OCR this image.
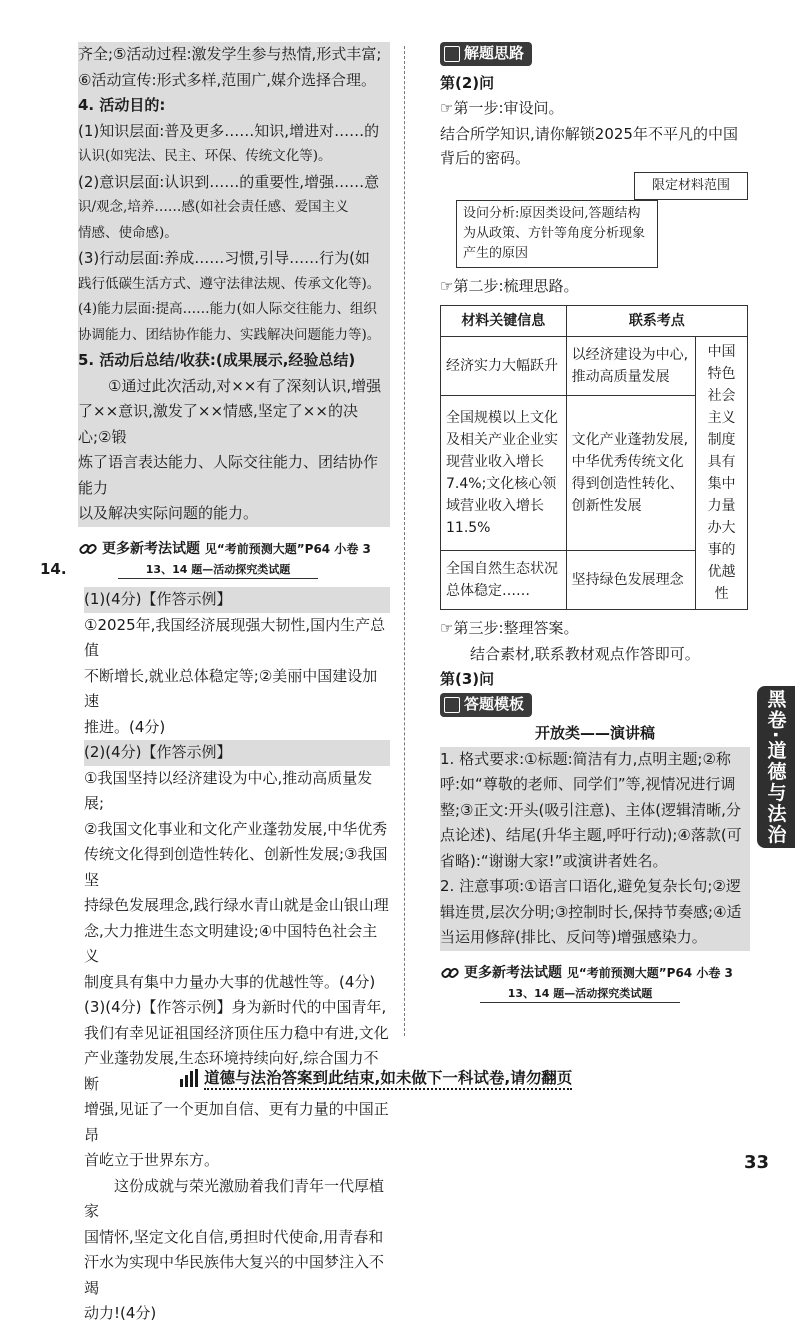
齐全;⑤活动过程:激发学生参与热情,形式丰富;

⑥活动宣传:形式多样,范围广,媒介选择合理。

4. 活动目的:

(1)知识层面:普及更多……知识,增进对……的

认识(如宪法、民主、环保、传统文化等)。

(2)意识层面:认识到……的重要性,增强……意

识/观念,培养……感(如社会责任感、爱国主义

情感、使命感)。

(3)行动层面:养成……习惯,引导……行为(如

践行低碳生活方式、遵守法律法规、传承文化等)。

(4)能力层面:提高……能力(如人际交往能力、组织

协调能力、团结协作能力、实践解决问题能力等)。

5. 活动后总结/收获:(成果展示,经验总结)

①通过此次活动,对××有了深刻认识,增强

了××意识,激发了××情感,坚定了××的决心;②锻

炼了语言表达能力、人际交往能力、团结协作能力

以及解决实际问题的能力。

更多新考法试题 见“考前预测大题”P64 小卷 3
13、14 题—活动探究类试题

(1)(4分)【作答示例】

①2025年,我国经济展现强大韧性,国内生产总值

不断增长,就业总体稳定等;②美丽中国建设加速

推进。(4分)

(2)(4分)【作答示例】

①我国坚持以经济建设为中心,推动高质量发展;

②我国文化事业和文化产业蓬勃发展,中华优秀

传统文化得到创造性转化、创新性发展;③我国坚

持绿色发展理念,践行绿水青山就是金山银山理

念,大力推进生态文明建设;④中国特色社会主义

制度具有集中力量办大事的优越性等。(4分)

(3)(4分)【作答示例】身为新时代的中国青年,

我们有幸见证祖国经济顶住压力稳中有进,文化

产业蓬勃发展,生态环境持续向好,综合国力不断

增强,见证了一个更加自信、更有力量的中国正昂

首屹立于世界东方。

这份成就与荣光激励着我们青年一代厚植家

国情怀,坚定文化自信,勇担时代使命,用青春和

汗水为实现中华民族伟大复兴的中国梦注入不竭

动力!(4分)

14.
解题思路

第(2)问

☞第一步:审设问。

结合所学知识,请你解锁2025年不平凡的中国背后的密码。

限定材料范围
设问分析:原因类设问,答题结构为从政策、方针等角度分析现象产生的原因

☞第二步:梳理思路。

材料关键信息	联系考点	
经济实力大幅跃升	以经济建设为中心,推动高质量发展	中国特色社会主义制度具有集中力量办大事的优越性
全国规模以上文化及相关产业企业实现营业收入增长7.4%;文化核心领域营业收入增长11.5%	文化产业蓬勃发展,中华优秀传统文化得到创造性转化、创新性发展	
全国自然生态状况总体稳定……	坚持绿色发展理念	

☞第三步:整理答案。

结合素材,联系教材观点作答即可。

第(3)问

答题模板

开放类——演讲稿

1. 格式要求:①标题:简洁有力,点明主题;②称

呼:如“尊敬的老师、同学们”等,视情况进行调

整;③正文:开头(吸引注意)、主体(逻辑清晰,分

点论述)、结尾(升华主题,呼吁行动);④落款(可

省略):“谢谢大家!”或演讲者姓名。

2. 注意事项:①语言口语化,避免复杂长句;②逻

辑连贯,层次分明;③控制时长,保持节奏感;④适

当运用修辞(排比、反问等)增强感染力。

更多新考法试题 见“考前预测大题”P64 小卷 3
13、14 题—活动探究类试题
黑卷·道德与法治
道德与法治答案到此结束,如未做下一科试卷,请勿翻页
33
